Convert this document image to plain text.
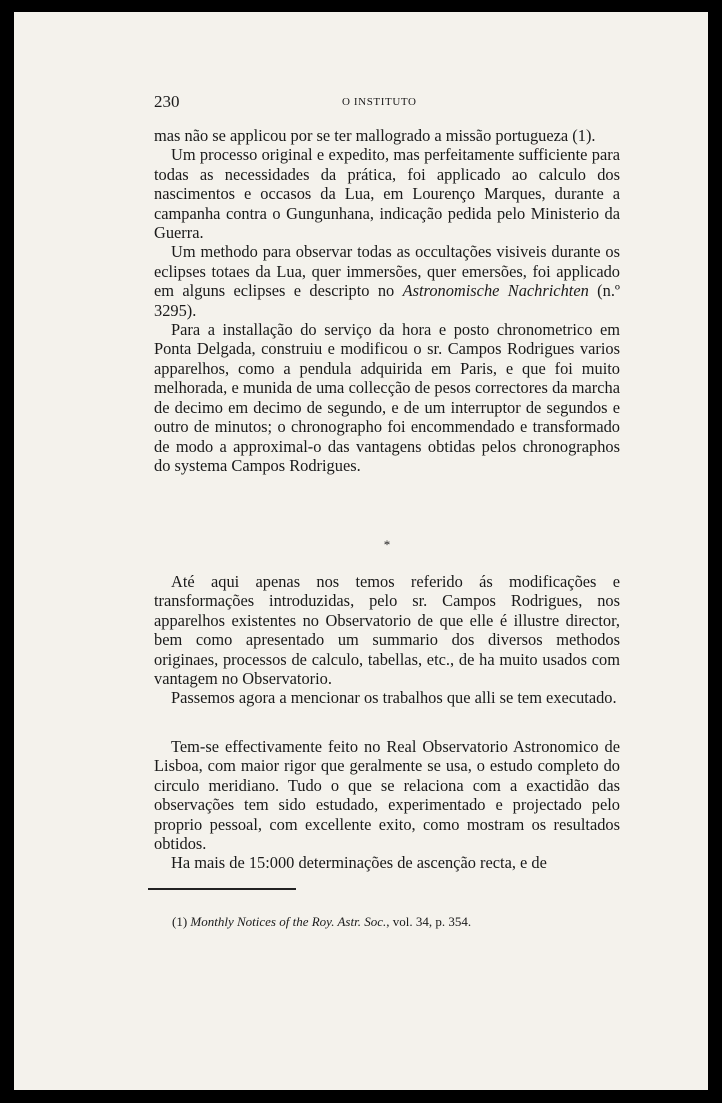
230	O INSTITUTO

mas não se applicou por se ter mallogrado a missão portugueza (1).

Um processo original e expedito, mas perfeitamente sufficiente para todas as necessidades da prática, foi applicado ao calculo dos nascimentos e occasos da Lua, em Lourenço Marques, durante a campanha contra o Gungunhana, indicação pedida pelo Ministerio da Guerra.

Um methodo para observar todas as occultações visiveis durante os eclipses totaes da Lua, quer immersões, quer emersões, foi applicado em alguns eclipses e descripto no Astronomische Nachrichten (n.º 3295).

Para a installação do serviço da hora e posto chronometrico em Ponta Delgada, construiu e modificou o sr. Campos Rodrigues varios apparelhos, como a pendula adquirida em Paris, e que foi muito melhorada, e munida de uma collecção de pesos correctores da marcha de decimo em decimo de segundo, e de um interruptor de segundos e outro de minutos; o chronographo foi encommendado e transformado de modo a approximal-o das vantagens obtidas pelos chronographos do systema Campos Rodrigues.

*

Até aqui apenas nos temos referido ás modificações e transformações introduzidas, pelo sr. Campos Rodrigues, nos apparelhos existentes no Observatorio de que elle é illustre director, bem como apresentado um summario dos diversos methodos originaes, processos de calculo, tabellas, etc., de ha muito usados com vantagem no Observatorio.

Passemos agora a mencionar os trabalhos que alli se tem executado.

Tem-se effectivamente feito no Real Observatorio Astronomico de Lisboa, com maior rigor que geralmente se usa, o estudo completo do circulo meridiano. Tudo o que se relaciona com a exactidão das observações tem sido estudado, experimentado e projectado pelo proprio pessoal, com excellente exito, como mostram os resultados obtidos.

Ha mais de 15:000 determinações de ascenção recta, e de

(1) Monthly Notices of the Roy. Astr. Soc., vol. 34, p. 354.
